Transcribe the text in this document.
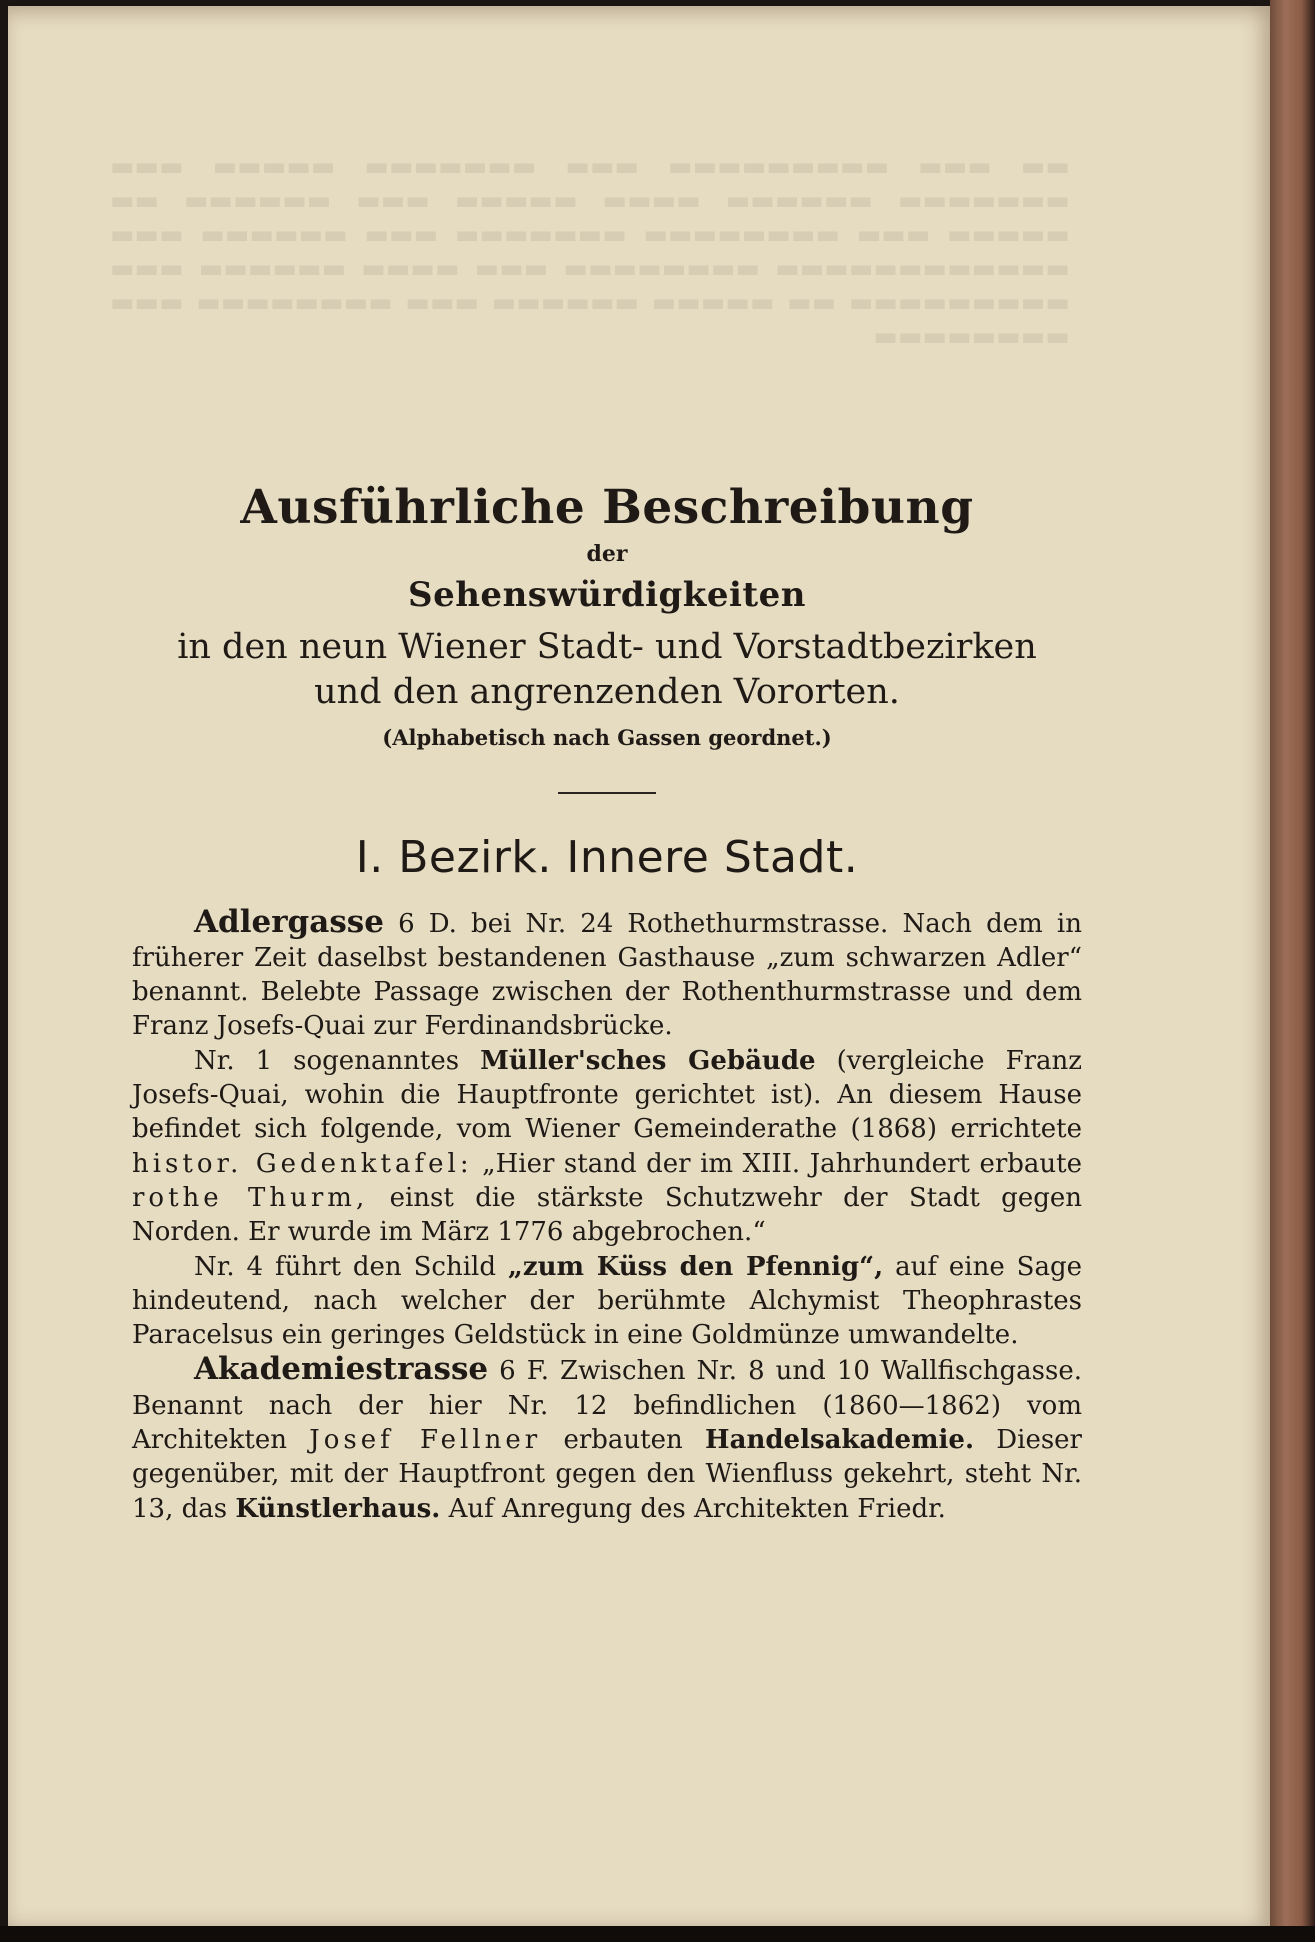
Ausführliche Beschreibung
der
Sehenswürdigkeiten
in den neun Wiener Stadt- und Vorstadtbezirken
und den angrenzenden Vororten.
(Alphabetisch nach Gassen geordnet.)
I. Bezirk. Innere Stadt.

Adlergasse 6 D. bei Nr. 24 Rothethurmstrasse. Nach dem in früherer Zeit daselbst bestandenen Gasthause „zum schwarzen Adler“ benannt. Belebte Passage zwischen der Rothenthurmstrasse und dem Franz Josefs-Quai zur Ferdinandsbrücke.

Nr. 1 sogenanntes Müller'sches Gebäude (vergleiche Franz Josefs-Quai, wohin die Hauptfronte gerichtet ist). An diesem Hause befindet sich folgende, vom Wiener Gemeinderathe (1868) errichtete histor. Gedenktafel: „Hier stand der im XIII. Jahrhundert erbaute rothe Thurm, einst die stärkste Schutzwehr der Stadt gegen Norden. Er wurde im März 1776 abgebrochen.“

Nr. 4 führt den Schild „zum Küss den Pfennig“, auf eine Sage hindeutend, nach welcher der berühmte Alchymist Theophrastes Paracelsus ein geringes Geldstück in eine Goldmünze umwandelte.

Akademiestrasse 6 F. Zwischen Nr. 8 und 10 Wallfischgasse. Benannt nach der hier Nr. 12 befindlichen (1860—1862) vom Architekten Josef Fellner erbauten Handelsakademie. Dieser gegenüber, mit der Hauptfront gegen den Wienfluss gekehrt, steht Nr. 13, das Künstlerhaus. Auf Anregung des Architekten Friedr.
